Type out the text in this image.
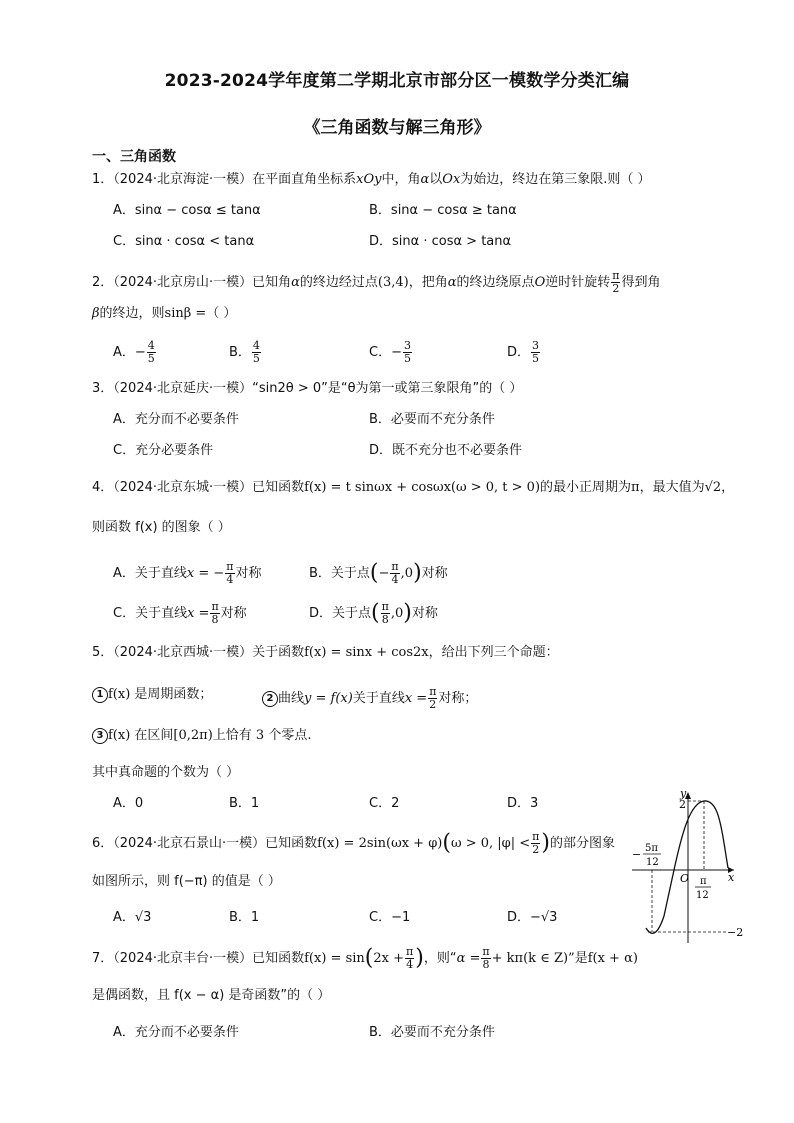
2023-2024学年度第二学期北京市部分区一模数学分类汇编
《三角函数与解三角形》
一、三角函数
1．（2024·北京海淀·一模）在平面直角坐标系xOy中，角α以Ox为始边，终边在第三象限.则（ ）
A．sinα − cosα ≤ tanα	B．sinα − cosα ≥ tanα
C．sinα · cosα < tanα	D．sinα · cosα > tanα
2．（2024·北京房山·一模）已知角α的终边经过点(3,4)，把角α的终边绕原点O逆时针旋转 $\frac{\pi}{2}$ 得到角
β的终边，则sinβ =（ ）
A．− $\frac{4}{5}$	B． $\frac{4}{5}$	C．− $\frac{3}{5}$	D． $\frac{3}{5}$
3．（2024·北京延庆·一模）“sin2θ > 0”是“θ为第一或第三象限角”的（ ）
A．充分而不必要条件	B．必要而不充分条件
C．充分必要条件	D．既不充分也不必要条件
4．（2024·北京东城·一模）已知函数f(x) = t sinωx + cosωx(ω > 0, t > 0)的最小正周期为π，最大值为√2，
则函数 f(x) 的图象（ ）
A．关于直线x = − $\frac{\pi}{4}$ 对称	B．关于点(− $\frac{\pi}{4} ,0$)对称
C．关于直线$x = \frac{\pi}{8}$ 对称	D．关于点( $\frac{\pi}{8} ,0$)对称
5．（2024·北京西城·一模）关于函数f(x) = sinx + cos2x，给出下列三个命题：
1 f(x) 是周期函数；	2 曲线y = f(x)关于直线$x = \frac{\pi}{2}$ 对称；
3 f(x) 在区间[0,2π)上恰有 3 个零点.
其中真命题的个数为（ ）
A．0	B．1	C．2	D．3
6．（2024·北京石景山·一模）已知函数f(x) = 2sin(ωx + φ)(ω > 0, $|\varphi| < \frac{\pi}{2}$ )的部分图象
如图所示，则 f(−π) 的值是（ ）
A．√3	B．1	C．−1	D．−√3
y
x
O
2
−2
− 5π
12
π
12
7．（2024·北京丰台·一模）已知函数$f(x) = \sin(2x + \frac{\pi}{4}$ )，则“$\alpha = \frac{\pi}{8} + k\pi(k$ ∈ Z)”是f(x + α)
是偶函数，且 f(x − α) 是奇函数”的（ ）
A．充分而不必要条件	B．必要而不充分条件
